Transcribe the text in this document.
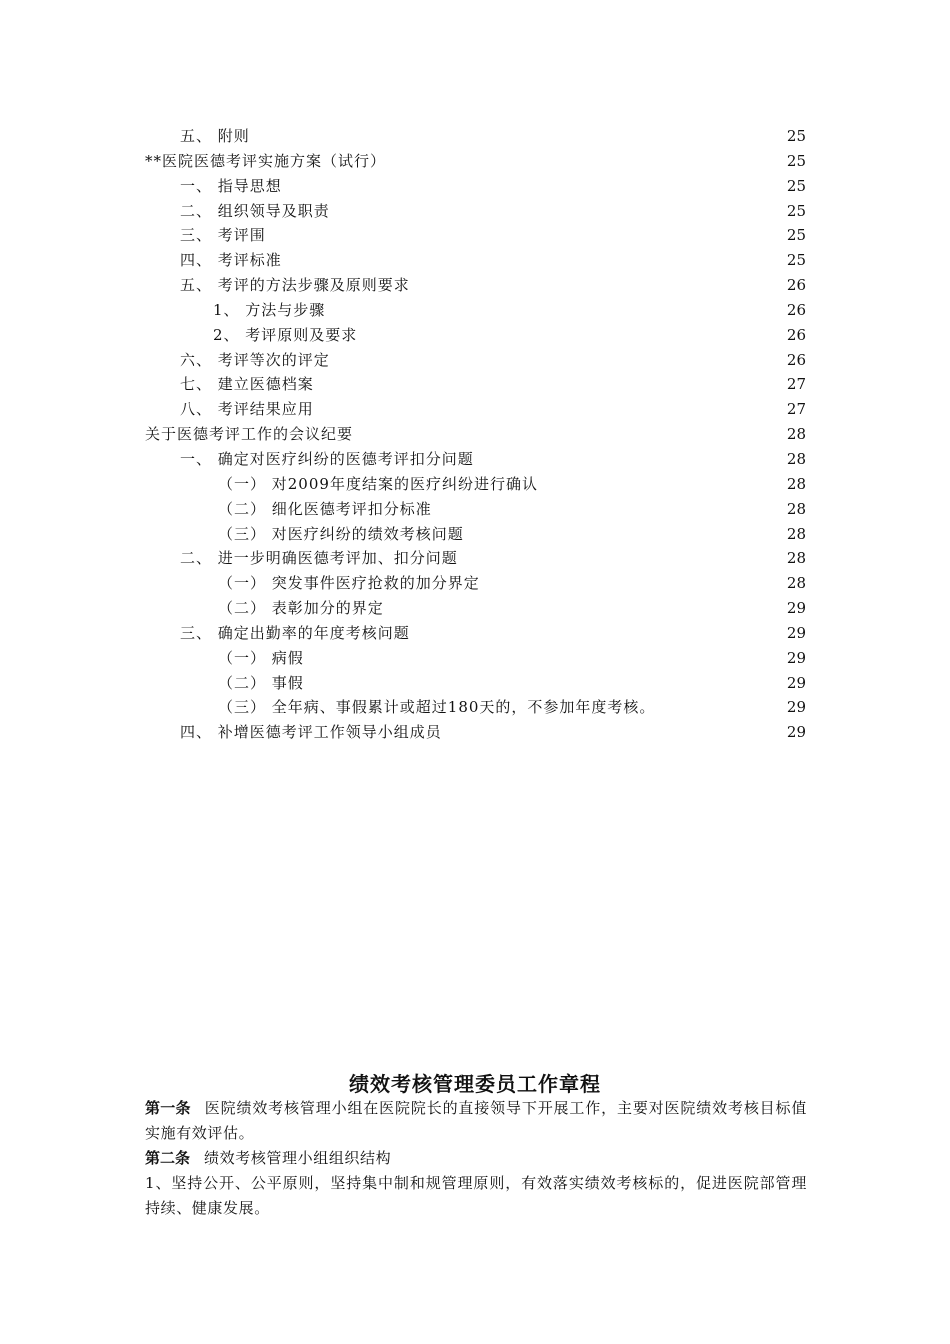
五、 附则	25
**医院医德考评实施方案（试行）	25
一、 指导思想	25
二、 组织领导及职责	25
三、 考评围	25
四、 考评标准	25
五、 考评的方法步骤及原则要求	26
1、 方法与步骤	26
2、 考评原则及要求	26
六、 考评等次的评定	26
七、 建立医德档案	27
八、 考评结果应用	27
关于医德考评工作的会议纪要	28
一、 确定对医疗纠纷的医德考评扣分问题	28
（一） 对2009年度结案的医疗纠纷进行确认	28
（二） 细化医德考评扣分标准	28
（三） 对医疗纠纷的绩效考核问题	28
二、 进一步明确医德考评加、扣分问题	28
（一） 突发事件医疗抢救的加分界定	28
（二） 表彰加分的界定	29
三、 确定出勤率的年度考核问题	29
（一） 病假	29
（二） 事假	29
（三） 全年病、事假累计或超过180天的，不参加年度考核。	29
四、 补增医德考评工作领导小组成员	29
绩效考核管理委员工作章程
第一条 医院绩效考核管理小组在医院院长的直接领导下开展工作，主要对医院绩效考核目标值实施有效评估。
第二条 绩效考核管理小组组织结构
1、坚持公开、公平原则，坚持集中制和规管理原则，有效落实绩效考核标的，促进医院部管理持续、健康发展。
